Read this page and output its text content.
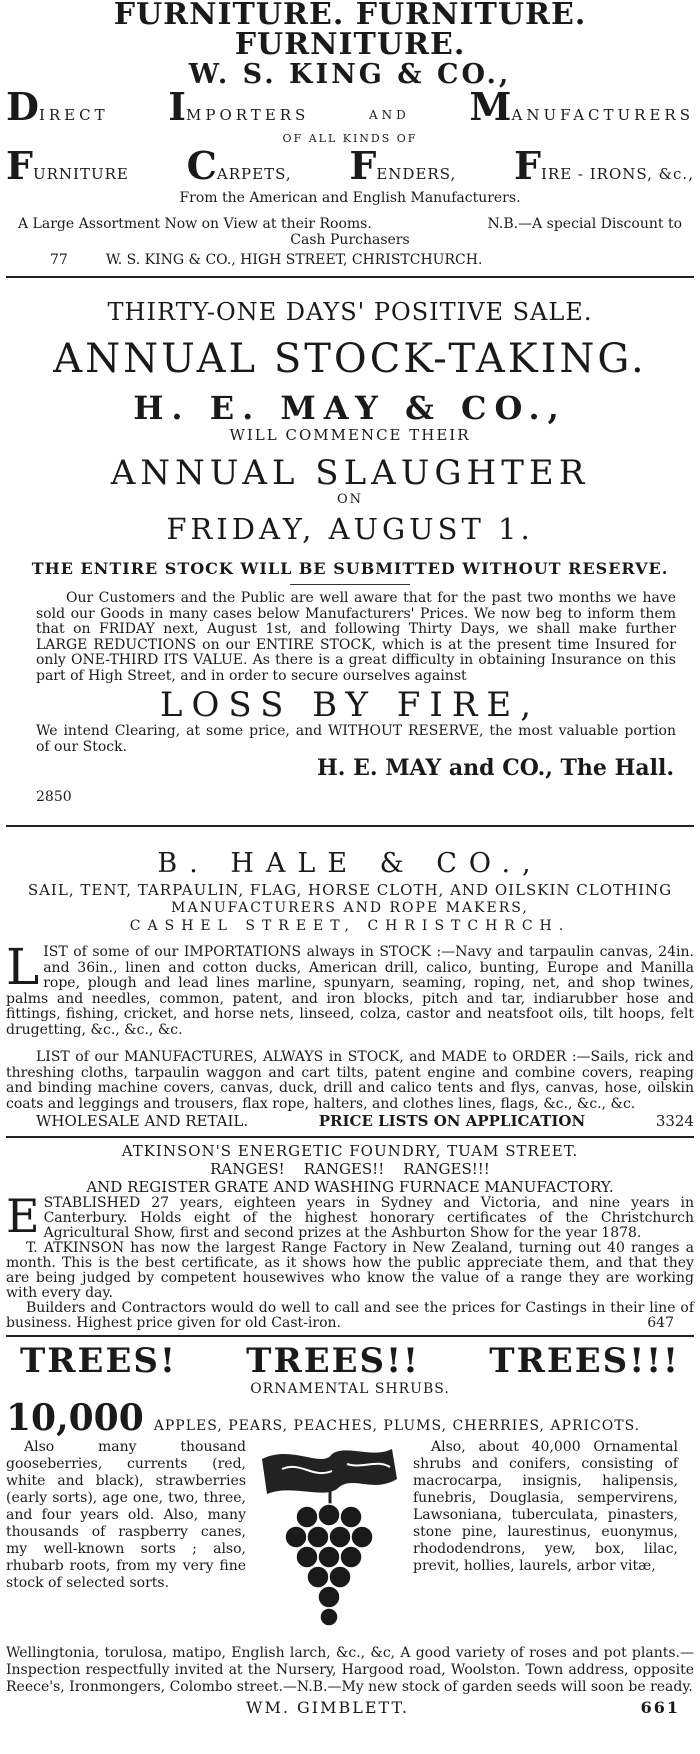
FURNITURE. FURNITURE. FURNITURE.
W. S. KING & CO.,
DIRECT IMPORTERS	AND MANUFACTURERS
OF ALL KINDS OF
FURNITURE CARPETS, FENDERS, FIRE - IRONS, &c.,
From the American and English Manufacturers.
A Large Assortment Now on View at their Rooms.	N.B.—A special Discount to
Cash Purchasers
77	W. S. KING & CO., HIGH STREET, CHRISTCHURCH.
THIRTY-ONE DAYS' POSITIVE SALE.
ANNUAL STOCK-TAKING.
H. E. MAY & CO.,
WILL COMMENCE THEIR
ANNUAL SLAUGHTER
ON
FRIDAY, AUGUST 1.
THE ENTIRE STOCK WILL BE SUBMITTED WITHOUT RESERVE.
Our Customers and the Public are well aware that for the past two months we have sold our Goods in many cases below Manufacturers' Prices. We now beg to inform them that on FRIDAY next, August 1st, and following Thirty Days, we shall make further LARGE REDUCTIONS on our ENTIRE STOCK, which is at the present time Insured for only ONE-THIRD ITS VALUE. As there is a great difficulty in obtaining Insurance on this part of High Street, and in order to secure ourselves against
LOSS BY FIRE,
We intend Clearing, at some price, and WITHOUT RESERVE, the most valuable portion of our Stock.
H. E. MAY and CO., The Hall.
2850
B. HALE & CO.,
SAIL, TENT, TARPAULIN, FLAG, HORSE CLOTH, AND OILSKIN CLOTHING
MANUFACTURERS AND ROPE MAKERS,
CASHEL STREET, CHRISTCHRCH.
LIST of some of our IMPORTATIONS always in STOCK :—Navy and tarpaulin canvas, 24in. and 36in., linen and cotton ducks, American drill, calico, bunting, Europe and Manilla rope, plough and lead lines marline, spunyarn, seaming, roping, net, and shop twines, palms and needles, common, patent, and iron blocks, pitch and tar, indiarubber hose and fittings, fishing, cricket, and horse nets, linseed, colza, castor and neatsfoot oils, tilt hoops, felt drugetting, &c., &c., &c.
LIST of our MANUFACTURES, ALWAYS in STOCK, and MADE to ORDER :—Sails, rick and threshing cloths, tarpaulin waggon and cart tilts, patent engine and combine covers, reaping and binding machine covers, canvas, duck, drill and calico tents and flys, canvas, hose, oilskin coats and leggings and trousers, flax rope, halters, and clothes lines, flags, &c., &c., &c.
WHOLESALE AND RETAIL.	PRICE LISTS ON APPLICATION	3324
ATKINSON'S ENERGETIC FOUNDRY, TUAM STREET.
RANGES!    RANGES!!    RANGES!!!
AND REGISTER GRATE AND WASHING FURNACE MANUFACTORY.
ESTABLISHED 27 years, eighteen years in Sydney and Victoria, and nine years in Canterbury. Holds eight of the highest honorary certificates of the Christchurch Agricultural Show, first and second prizes at the Ashburton Show for the year 1878.
T. ATKINSON has now the largest Range Factory in New Zealand, turning out 40 ranges a month. This is the best certificate, as it shows how the public appreciate them, and that they are being judged by competent housewives who know the value of a range they are working with every day.
Builders and Contractors would do well to call and see the prices for Castings in their line of business. Highest price given for old Cast-iron.	647
TREES! TREES!! TREES!!!
ORNAMENTAL SHRUBS.
10,000 APPLES, PEARS, PEACHES, PLUMS, CHERRIES, APRICOTS.
Also many thousand gooseberries, currents (red, white and black), strawberries (early sorts), age one, two, three, and four years old. Also, many thousands of raspberry canes, my well-known sorts ; also, rhubarb roots, from my very fine stock of selected sorts.
Also, about 40,000 Ornamental shrubs and conifers, consisting of macrocarpa, insignis, halipensis, funebris, Douglasia, sempervirens, Lawsoniana, tuberculata, pinasters, stone pine, laurestinus, euonymus, rhododendrons, yew, box, lilac, previt, hollies, laurels, arbor vitæ,
Wellingtonia, torulosa, matipo, English larch, &c., &c, A good variety of roses and pot plants.—Inspection respectfully invited at the Nursery, Hargood road, Woolston. Town address, opposite Reece's, Ironmongers, Colombo street.—N.B.—My new stock of garden seeds will soon be ready.
WM. GIMBLETT.	661
